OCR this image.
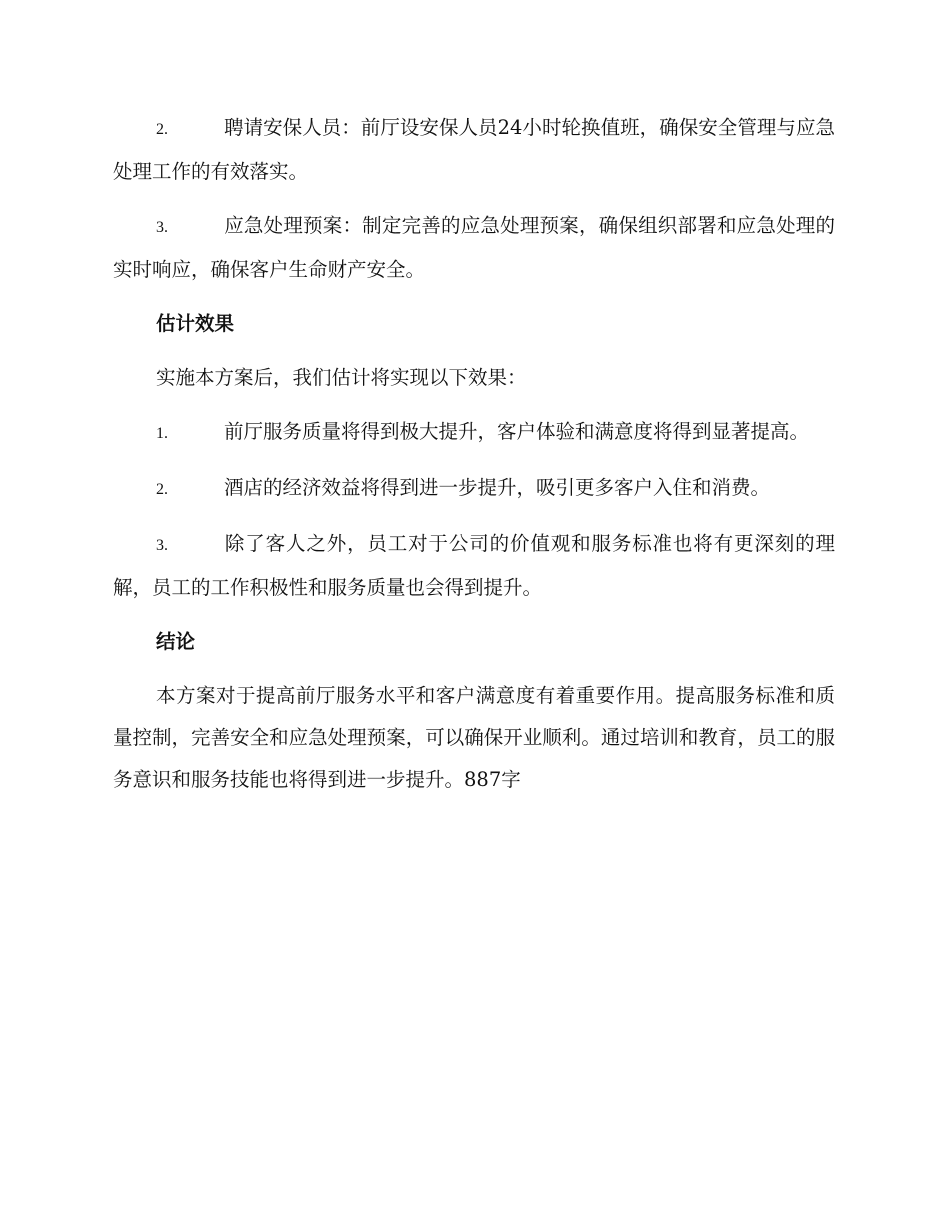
2.	聘请安保人员：前厅设安保人员24小时轮换值班，确保安全管理与应急处理工作的有效落实。

3.	应急处理预案：制定完善的应急处理预案，确保组织部署和应急处理的实时响应，确保客户生命财产安全。

估计效果

实施本方案后，我们估计将实现以下效果：

1.	前厅服务质量将得到极大提升，客户体验和满意度将得到显著提高。

2.	酒店的经济效益将得到进一步提升，吸引更多客户入住和消费。

3.	除了客人之外，员工对于公司的价值观和服务标准也将有更深刻的理解，员工的工作积极性和服务质量也会得到提升。

结论

本方案对于提高前厅服务水平和客户满意度有着重要作用。提高服务标准和质量控制，完善安全和应急处理预案，可以确保开业顺利。通过培训和教育，员工的服务意识和服务技能也将得到进一步提升。887字
